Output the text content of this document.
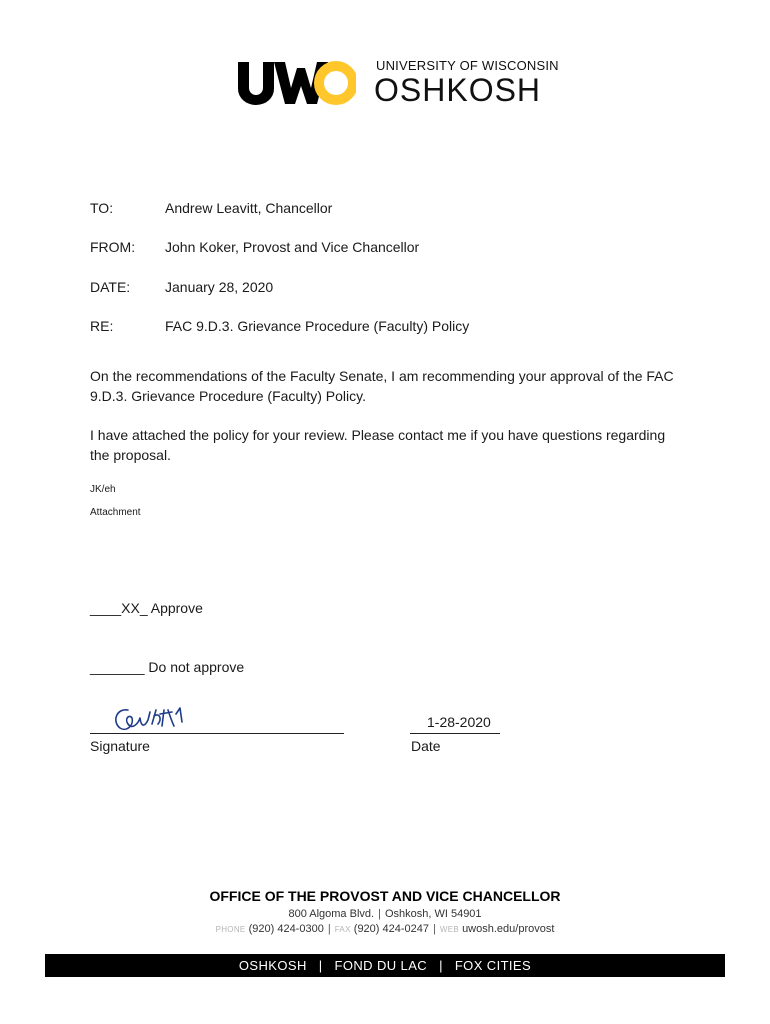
UNIVERSITY OF WISCONSIN
OSHKOSH
TO:	Andrew Leavitt, Chancellor
FROM: John Koker, Provost and Vice Chancellor
DATE: January 28, 2020
RE:	FAC 9.D.3. Grievance Procedure (Faculty) Policy
On the recommendations of the Faculty Senate, I am recommending your approval of the FAC 9.D.3. Grievance Procedure (Faculty) Policy.
I have attached the policy for your review. Please contact me if you have questions regarding the proposal.
JK/eh
Attachment
____XX_ Approve
_______ Do not approve
Signature
1-28-2020
Date
OFFICE OF THE PROVOST AND VICE CHANCELLOR
800 Algoma Blvd. | Oshkosh, WI 54901
PHONE (920) 424-0300 | FAX (920) 424-0247 | WEB uwosh.edu/provost
OSHKOSH | FOND DU LAC | FOX CITIES
